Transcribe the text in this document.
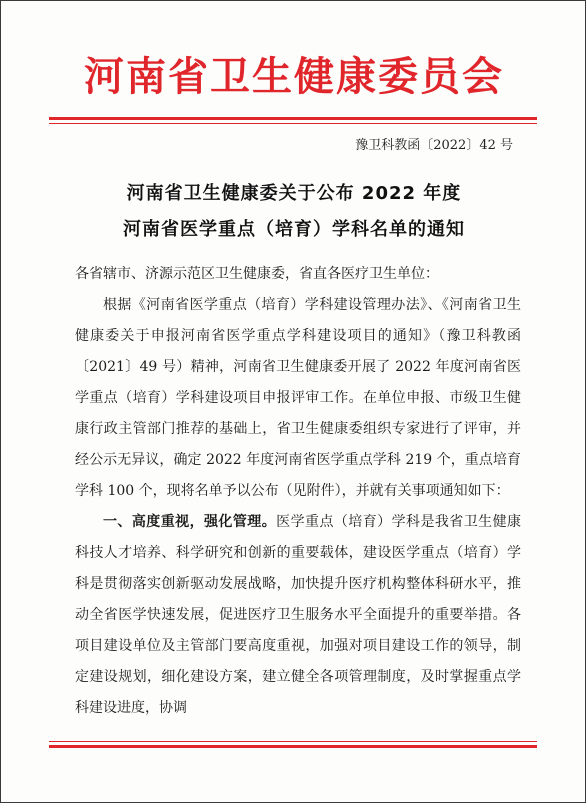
河南省卫生健康委员会
豫卫科教函〔2022〕42 号
河南省卫生健康委关于公布 2022 年度
河南省医学重点（培育）学科名单的通知

各省辖市、济源示范区卫生健康委，省直各医疗卫生单位：

根据《河南省医学重点（培育）学科建设管理办法》、《河南省卫生健康委关于申报河南省医学重点学科建设项目的通知》（豫卫科教函〔2021〕49 号）精神，河南省卫生健康委开展了 2022 年度河南省医学重点（培育）学科建设项目申报评审工作。在单位申报、市级卫生健康行政主管部门推荐的基础上，省卫生健康委组织专家进行了评审，并经公示无异议，确定 2022 年度河南省医学重点学科 219 个，重点培育学科 100 个，现将名单予以公布（见附件），并就有关事项通知如下：

一、高度重视，强化管理。医学重点（培育）学科是我省卫生健康科技人才培养、科学研究和创新的重要载体，建设医学重点（培育）学科是贯彻落实创新驱动发展战略，加快提升医疗机构整体科研水平，推动全省医学快速发展，促进医疗卫生服务水平全面提升的重要举措。各项目建设单位及主管部门要高度重视，加强对项目建设工作的领导，制定建设规划，细化建设方案，建立健全各项管理制度，及时掌握重点学科建设进度，协调
